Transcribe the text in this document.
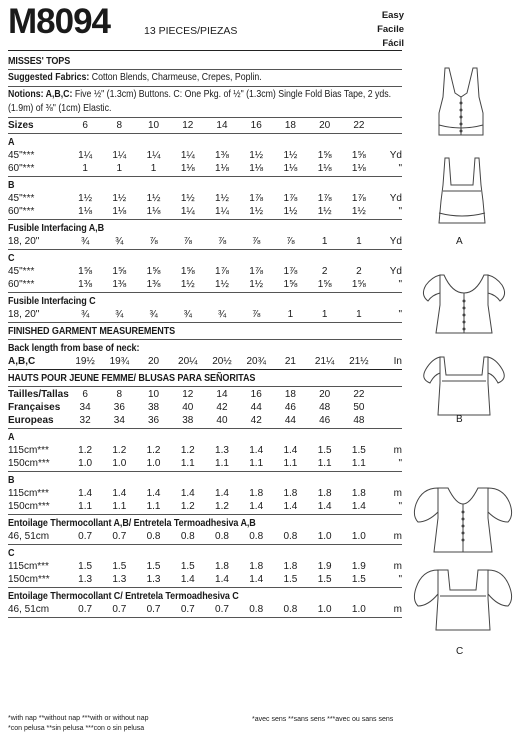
M8094	13 PIECES/PIEZAS
Easy
Facile
Fácil
MISSES' TOPS
Suggested Fabrics: Cotton Blends, Charmeuse, Crepes, Poplin.
Notions: A,B,C: Five ½" (1.3cm) Buttons. C: One Pkg. of ½" (1.3cm) Single Fold Bias Tape, 2 yds. (1.9m) of ⅜" (1cm) Elastic.
Sizes	6	8	10	12	14	16	18	20	22	
A
45"***	1¼	1¼	1¼	1¼	1⅜	1½	1½	1⅝	1⅝	Yd
60"***	1	1	1	1⅛	1⅛	1⅛	1⅛	1⅛	1⅛	"
B
45"***	1½	1½	1½	1½	1½	1⅞	1⅞	1⅞	1⅞	Yd
60"***	1⅛	1⅛	1⅛	1¼	1¼	1½	1½	1½	1½	"
Fusible Interfacing A,B
18, 20"	¾	¾	⅞	⅞	⅞	⅞	⅞	1	1	Yd
C
45"***	1⅝	1⅝	1⅝	1⅝	1⅞	1⅞	1⅞	2	2	Yd
60"***	1⅜	1⅜	1⅜	1½	1½	1½	1⅝	1⅝	1⅝	"
Fusible Interfacing C
18, 20"	¾	¾	¾	¾	¾	⅞	1	1	1	"
FINISHED GARMENT MEASUREMENTS
Back length from base of neck:
A,B,C	19½	19¾	20	20¼	20½	20¾	21	21¼	21½	In
HAUTS POUR JEUNE FEMME/ BLUSAS PARA SEÑORITAS
Tailles/Tallas	6	8	10	12	14	16	18	20	22	
Françaises	34	36	38	40	42	44	46	48	50	
Europeas	32	34	36	38	40	42	44	46	48	
A
115cm***	1.2	1.2	1.2	1.2	1.3	1.4	1.4	1.5	1.5	m
150cm***	1.0	1.0	1.0	1.1	1.1	1.1	1.1	1.1	1.1	"
B
115cm***	1.4	1.4	1.4	1.4	1.4	1.8	1.8	1.8	1.8	m
150cm***	1.1	1.1	1.1	1.2	1.2	1.4	1.4	1.4	1.4	"
Entoilage Thermocollant A,B/ Entretela Termoadhesiva A,B
46, 51cm	0.7	0.7	0.8	0.8	0.8	0.8	0.8	1.0	1.0	m
C
115cm***	1.5	1.5	1.5	1.5	1.8	1.8	1.8	1.9	1.9	m
150cm***	1.3	1.3	1.3	1.4	1.4	1.4	1.5	1.5	1.5	"
Entoilage Thermocollant C/ Entretela Termoadhesiva C
46, 51cm	0.7	0.7	0.7	0.7	0.7	0.8	0.8	1.0	1.0	m
*with nap **without nap ***with or without nap
*con pelusa **sin pelusa ***con o sin pelusa
*avec sens **sans sens ***avec ou sans sens
A
B
C
